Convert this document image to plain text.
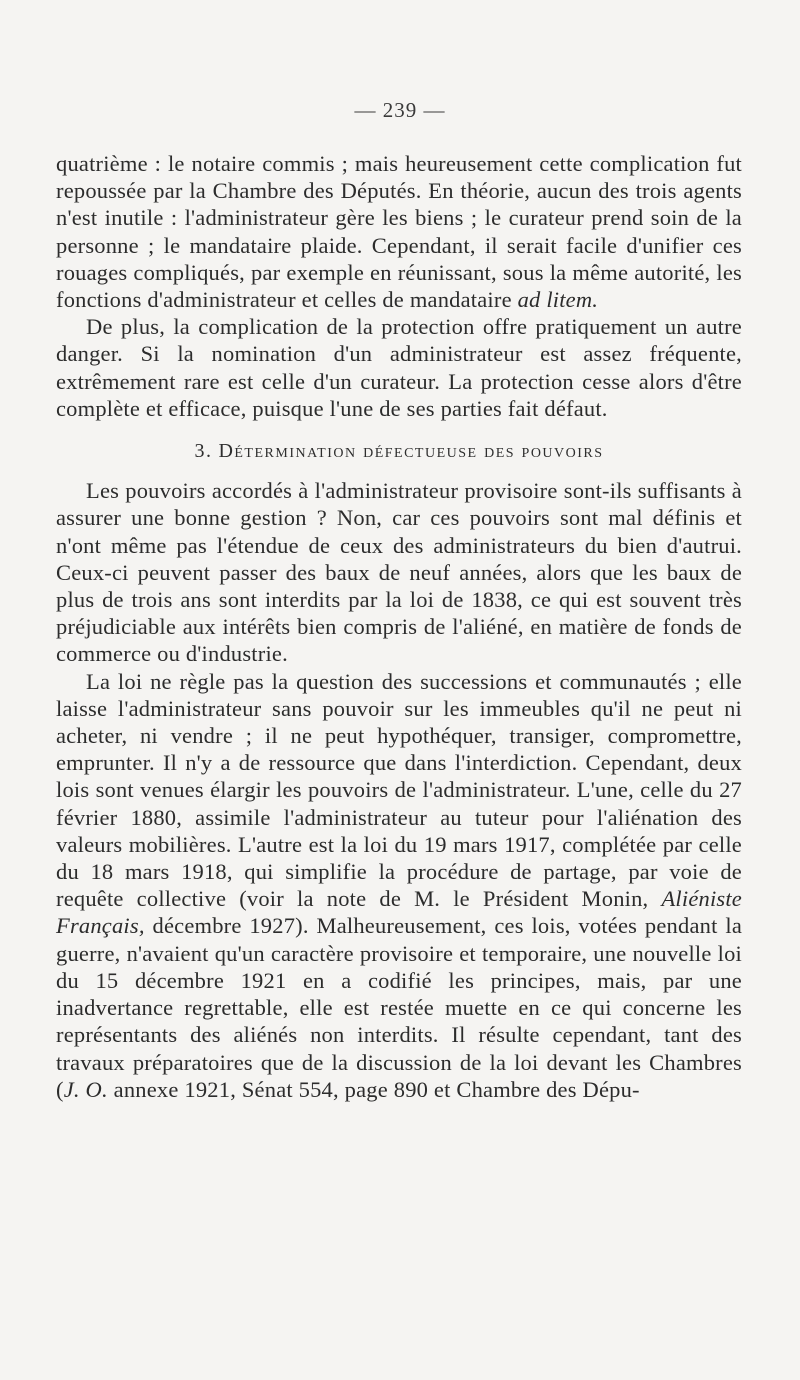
— 239 —

quatrième : le notaire commis ; mais heureusement cette complication fut repoussée par la Chambre des Députés. En théorie, aucun des trois agents n'est inutile : l'administrateur gère les biens ; le curateur prend soin de la personne ; le mandataire plaide. Cependant, il serait facile d'unifier ces rouages compliqués, par exemple en réunissant, sous la même autorité, les fonctions d'administrateur et celles de mandataire ad litem.

De plus, la complication de la protection offre pratiquement un autre danger. Si la nomination d'un administrateur est assez fréquente, extrêmement rare est celle d'un curateur. La protection cesse alors d'être complète et efficace, puisque l'une de ses parties fait défaut.

3. Détermination défectueuse des pouvoirs

Les pouvoirs accordés à l'administrateur provisoire sont-ils suffisants à assurer une bonne gestion ? Non, car ces pouvoirs sont mal définis et n'ont même pas l'étendue de ceux des administrateurs du bien d'autrui. Ceux-ci peuvent passer des baux de neuf années, alors que les baux de plus de trois ans sont interdits par la loi de 1838, ce qui est souvent très préjudiciable aux intérêts bien compris de l'aliéné, en matière de fonds de commerce ou d'industrie.

La loi ne règle pas la question des successions et communautés ; elle laisse l'administrateur sans pouvoir sur les immeubles qu'il ne peut ni acheter, ni vendre ; il ne peut hypothéquer, transiger, compromettre, emprunter. Il n'y a de ressource que dans l'interdiction. Cependant, deux lois sont venues élargir les pouvoirs de l'administrateur. L'une, celle du 27 février 1880, assimile l'administrateur au tuteur pour l'aliénation des valeurs mobilières. L'autre est la loi du 19 mars 1917, complétée par celle du 18 mars 1918, qui simplifie la procédure de partage, par voie de requête collective (voir la note de M. le Président Monin, Aliéniste Français, décembre 1927). Malheureusement, ces lois, votées pendant la guerre, n'avaient qu'un caractère provisoire et temporaire, une nouvelle loi du 15 décembre 1921 en a codifié les principes, mais, par une inadvertance regrettable, elle est restée muette en ce qui concerne les représentants des aliénés non interdits. Il résulte cependant, tant des travaux préparatoires que de la discussion de la loi devant les Chambres (J. O. annexe 1921, Sénat 554, page 890 et Chambre des Dépu-
